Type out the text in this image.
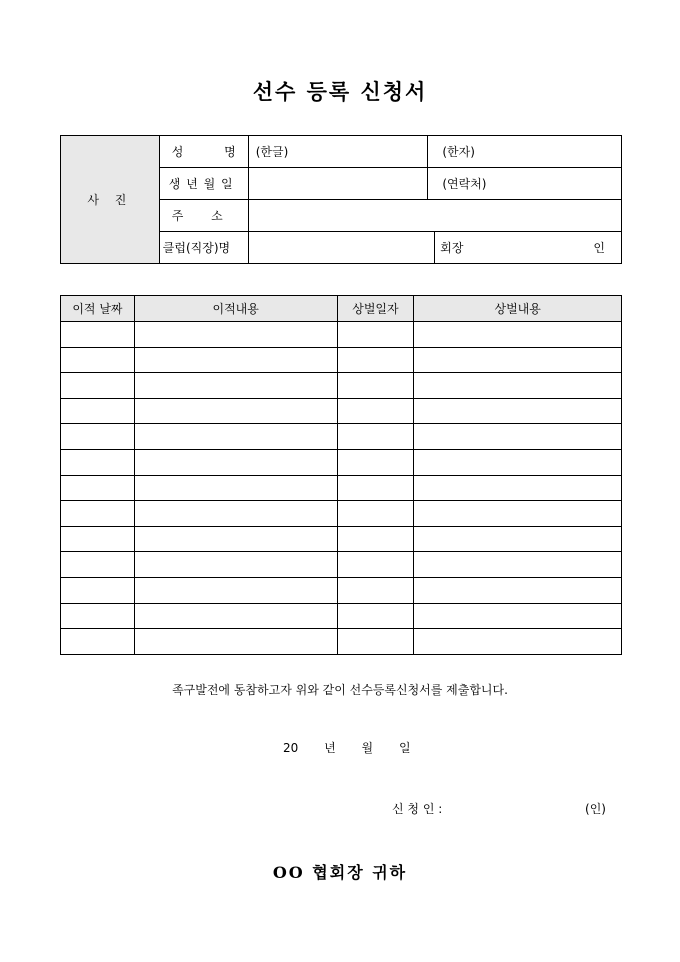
선수 등록 신청서
사 진	성 명	(한글)	(한자)	
	생 년 월 일		(연락처)	

	주 소			

	클럽(직장)명			회장 인
이적 날짜	이적내용	상벌일자	상벌내용

족구발전에 동참하고자 위와 같이 선수등록신청서를 제출합니다.
20 년 월 일
신 청 인 :	(인)
OO 협회장 귀하
